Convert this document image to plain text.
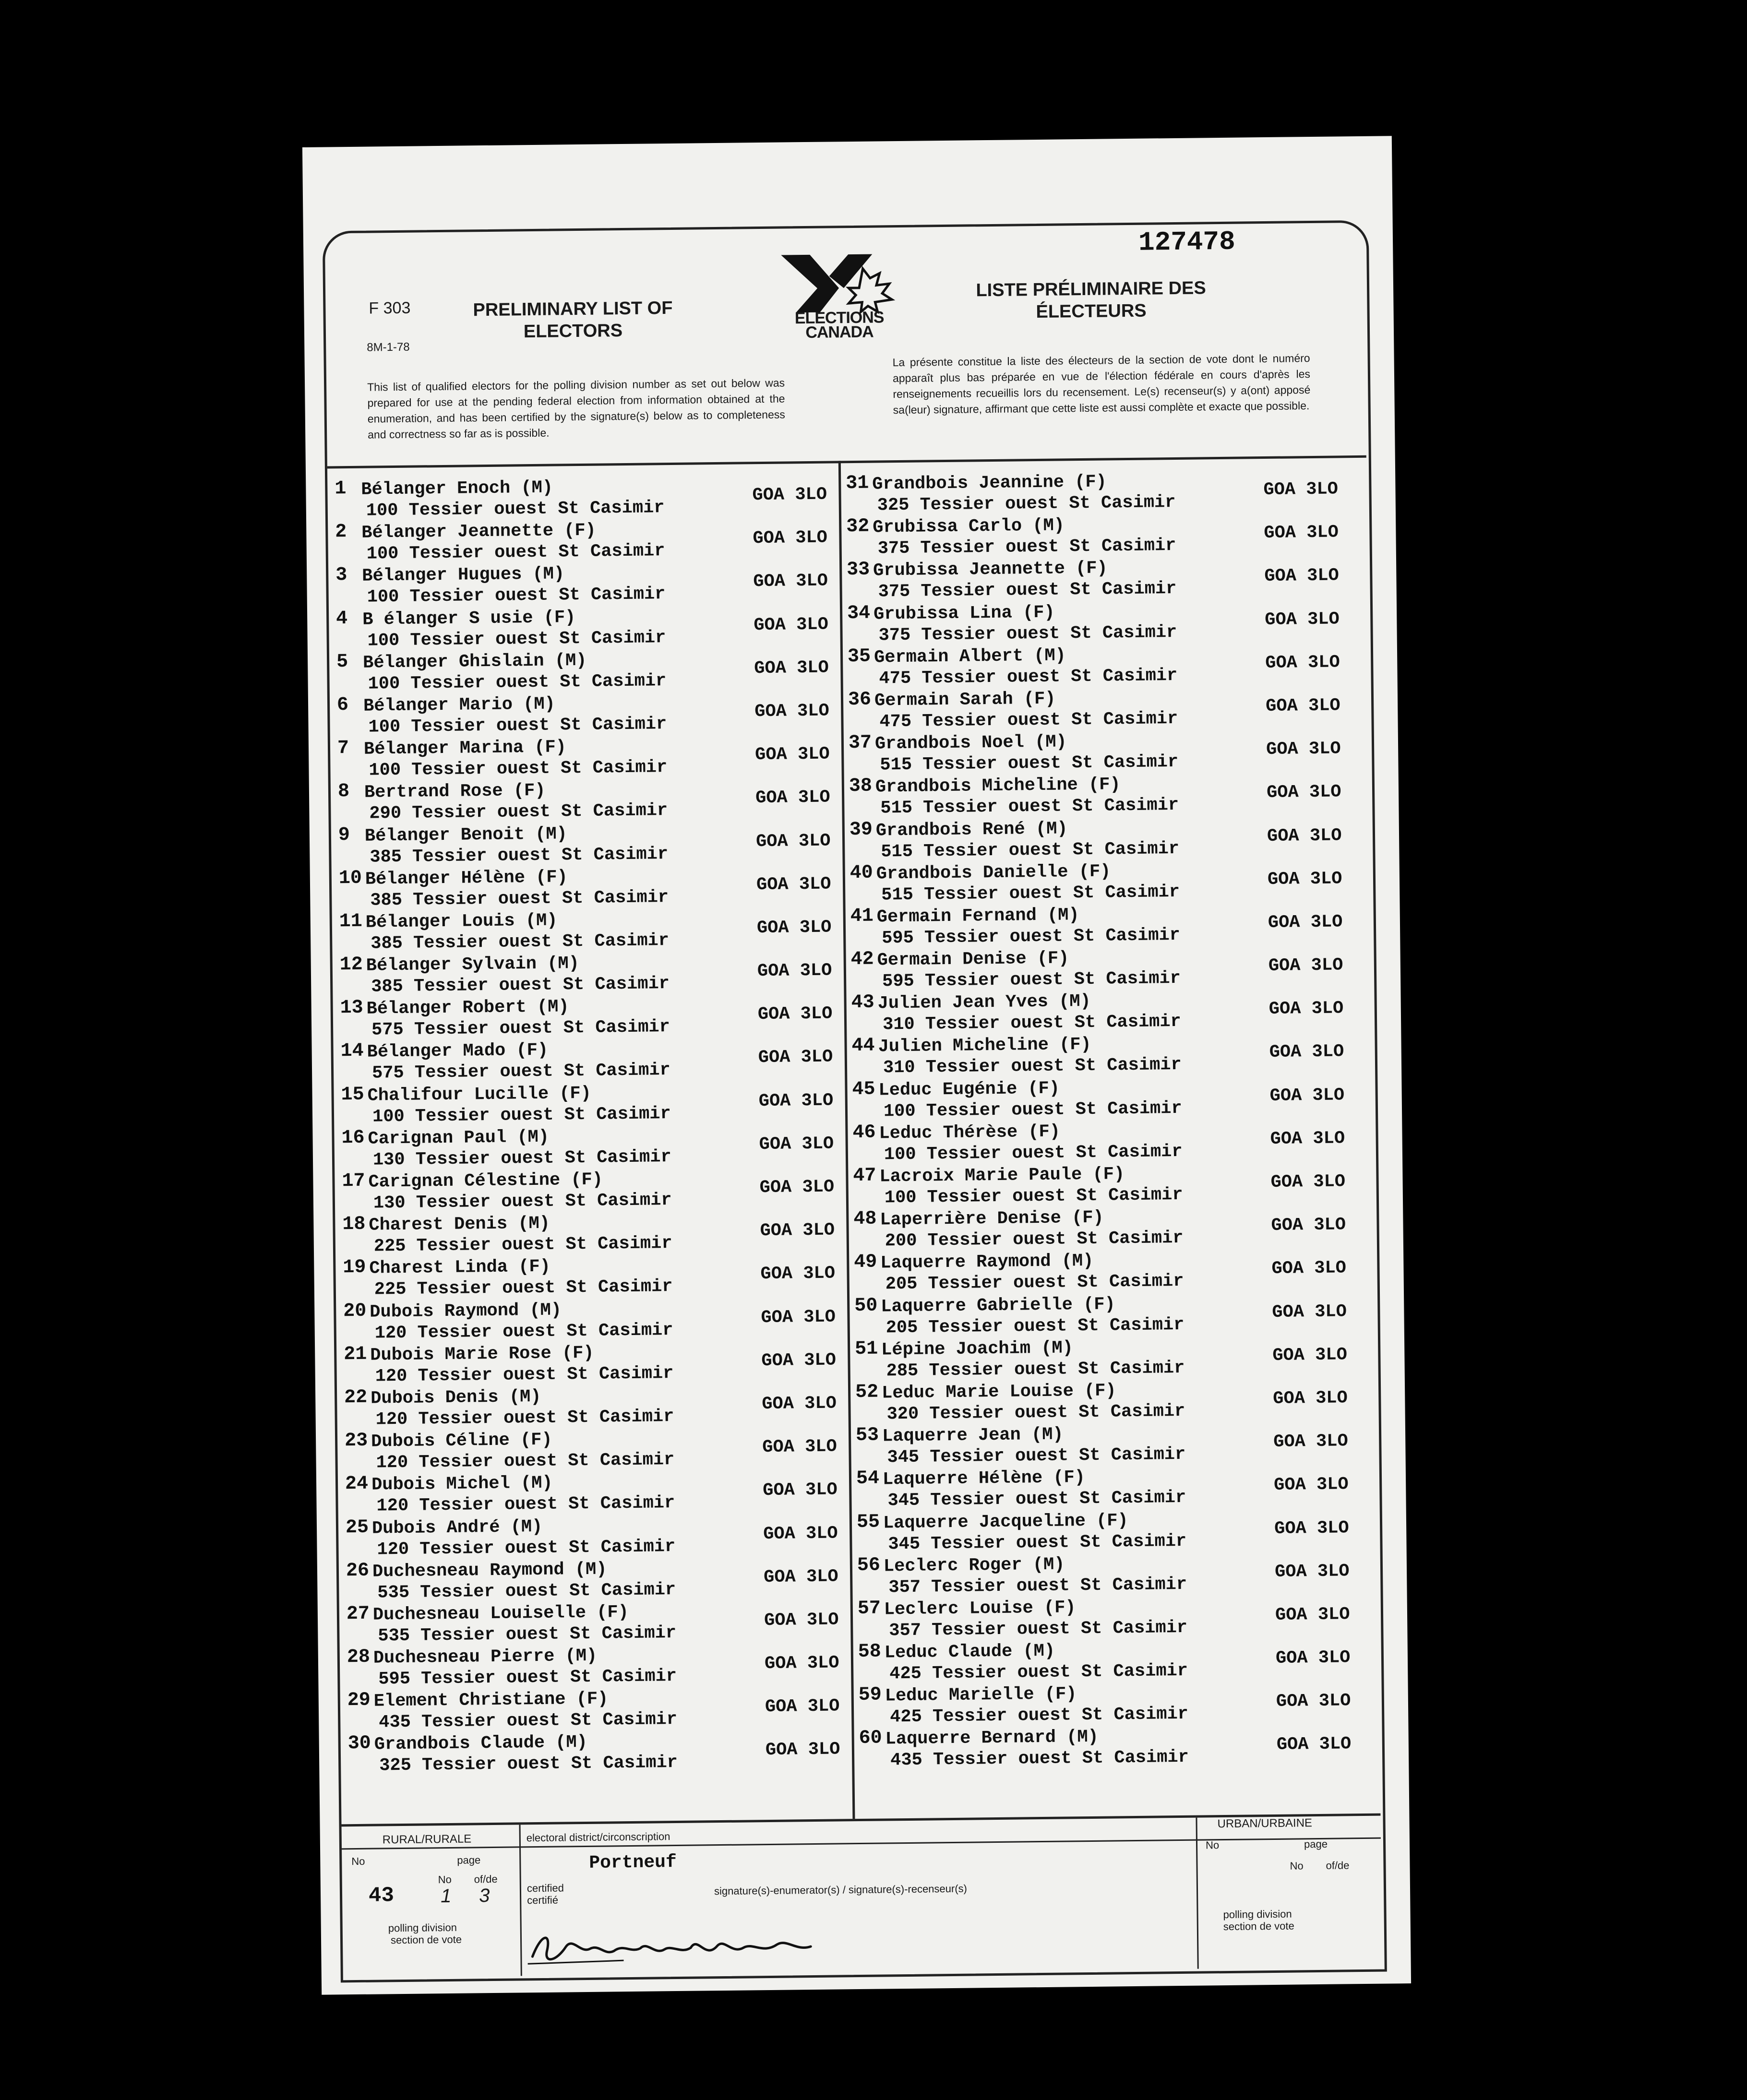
127478
F 303
8M-1-78
PRELIMINARY LIST OF
ELECTORS
ELECTIONS
CANADA
LISTE PRÉLIMINAIRE DES
ÉLECTEURS
This list of qualified electors for the polling division number as set out below was prepared for use at the pending federal election from information obtained at the enumeration, and has been certified by the signature(s) below as to completeness and correctness so far as is possible.
La présente constitue la liste des électeurs de la section de vote dont le numéro apparaît plus bas préparée en vue de l'élection fédérale en cours d'après les renseignements recueillis lors du recensement. Le(s) recenseur(s) y a(ont) apposé sa(leur) signature, affirmant que cette liste est aussi complète et exacte que possible.
1 Bélanger Enoch (M)
100 Tessier ouest St Casimir
GOA 3LO
2 Bélanger Jeannette (F)
100 Tessier ouest St Casimir
GOA 3LO
3 Bélanger Hugues (M)
100 Tessier ouest St Casimir
GOA 3LO
4 B élanger S usie (F)
100 Tessier ouest St Casimir
GOA 3LO
5 Bélanger Ghislain (M)
100 Tessier ouest St Casimir
GOA 3LO
6 Bélanger Mario (M)
100 Tessier ouest St Casimir
GOA 3LO
7 Bélanger Marina (F)
100 Tessier ouest St Casimir
GOA 3LO
8 Bertrand Rose (F)
290 Tessier ouest St Casimir
GOA 3LO
9 Bélanger Benoit (M)
385 Tessier ouest St Casimir
GOA 3LO
10 Bélanger Hélène (F)
385 Tessier ouest St Casimir
GOA 3LO
11 Bélanger Louis (M)
385 Tessier ouest St Casimir
GOA 3LO
12 Bélanger Sylvain (M)
385 Tessier ouest St Casimir
GOA 3LO
13 Bélanger Robert (M)
575 Tessier ouest St Casimir
GOA 3LO
14 Bélanger Mado (F)
575 Tessier ouest St Casimir
GOA 3LO
15 Chalifour Lucille (F)
100 Tessier ouest St Casimir
GOA 3LO
16 Carignan Paul (M)
130 Tessier ouest St Casimir
GOA 3LO
17 Carignan Célestine (F)
130 Tessier ouest St Casimir
GOA 3LO
18 Charest Denis (M)
225 Tessier ouest St Casimir
GOA 3LO
19 Charest Linda (F)
225 Tessier ouest St Casimir
GOA 3LO
20 Dubois Raymond (M)
120 Tessier ouest St Casimir
GOA 3LO
21 Dubois Marie Rose (F)
120 Tessier ouest St Casimir
GOA 3LO
22 Dubois Denis (M)
120 Tessier ouest St Casimir
GOA 3LO
23 Dubois Céline (F)
120 Tessier ouest St Casimir
GOA 3LO
24 Dubois Michel (M)
120 Tessier ouest St Casimir
GOA 3LO
25 Dubois André (M)
120 Tessier ouest St Casimir
GOA 3LO
26 Duchesneau Raymond (M)
535 Tessier ouest St Casimir
GOA 3LO
27 Duchesneau Louiselle (F)
535 Tessier ouest St Casimir
GOA 3LO
28 Duchesneau Pierre (M)
595 Tessier ouest St Casimir
GOA 3LO
29 Element Christiane (F)
435 Tessier ouest St Casimir
GOA 3LO
30 Grandbois Claude (M)
325 Tessier ouest St Casimir
GOA 3LO
31 Grandbois Jeannine (F)
325 Tessier ouest St Casimir
GOA 3LO
32 Grubissa Carlo (M)
375 Tessier ouest St Casimir
GOA 3LO
33 Grubissa Jeannette (F)
375 Tessier ouest St Casimir
GOA 3LO
34 Grubissa Lina (F)
375 Tessier ouest St Casimir
GOA 3LO
35 Germain Albert (M)
475 Tessier ouest St Casimir
GOA 3LO
36 Germain Sarah (F)
475 Tessier ouest St Casimir
GOA 3LO
37 Grandbois Noel (M)
515 Tessier ouest St Casimir
GOA 3LO
38 Grandbois Micheline (F)
515 Tessier ouest St Casimir
GOA 3LO
39 Grandbois René (M)
515 Tessier ouest St Casimir
GOA 3LO
40 Grandbois Danielle (F)
515 Tessier ouest St Casimir
GOA 3LO
41 Germain Fernand (M)
595 Tessier ouest St Casimir
GOA 3LO
42 Germain Denise (F)
595 Tessier ouest St Casimir
GOA 3LO
43 Julien Jean Yves (M)
310 Tessier ouest St Casimir
GOA 3LO
44 Julien Micheline (F)
310 Tessier ouest St Casimir
GOA 3LO
45 Leduc Eugénie (F)
100 Tessier ouest St Casimir
GOA 3LO
46 Leduc Thérèse (F)
100 Tessier ouest St Casimir
GOA 3LO
47 Lacroix Marie Paule (F)
100 Tessier ouest St Casimir
GOA 3LO
48 Laperrière Denise (F)
200 Tessier ouest St Casimir
GOA 3LO
49 Laquerre Raymond (M)
205 Tessier ouest St Casimir
GOA 3LO
50 Laquerre Gabrielle (F)
205 Tessier ouest St Casimir
GOA 3LO
51 Lépine Joachim (M)
285 Tessier ouest St Casimir
GOA 3LO
52 Leduc Marie Louise (F)
320 Tessier ouest St Casimir
GOA 3LO
53 Laquerre Jean (M)
345 Tessier ouest St Casimir
GOA 3LO
54 Laquerre Hélène (F)
345 Tessier ouest St Casimir
GOA 3LO
55 Laquerre Jacqueline (F)
345 Tessier ouest St Casimir
GOA 3LO
56 Leclerc Roger (M)
357 Tessier ouest St Casimir
GOA 3LO
57 Leclerc Louise (F)
357 Tessier ouest St Casimir
GOA 3LO
58 Leduc Claude (M)
425 Tessier ouest St Casimir
GOA 3LO
59 Leduc Marielle (F)
425 Tessier ouest St Casimir
GOA 3LO
60 Laquerre Bernard (M)
435 Tessier ouest St Casimir
GOA 3LO
RURAL/RURALE
URBAN/URBAINE
No
43
page
No of/de
1 3
polling division
section de vote
electoral district/circonscription
Portneuf
certified
certifié
signature(s)-enumerator(s) / signature(s)-recenseur(s)
No	page
No of/de
polling division
section de vote
